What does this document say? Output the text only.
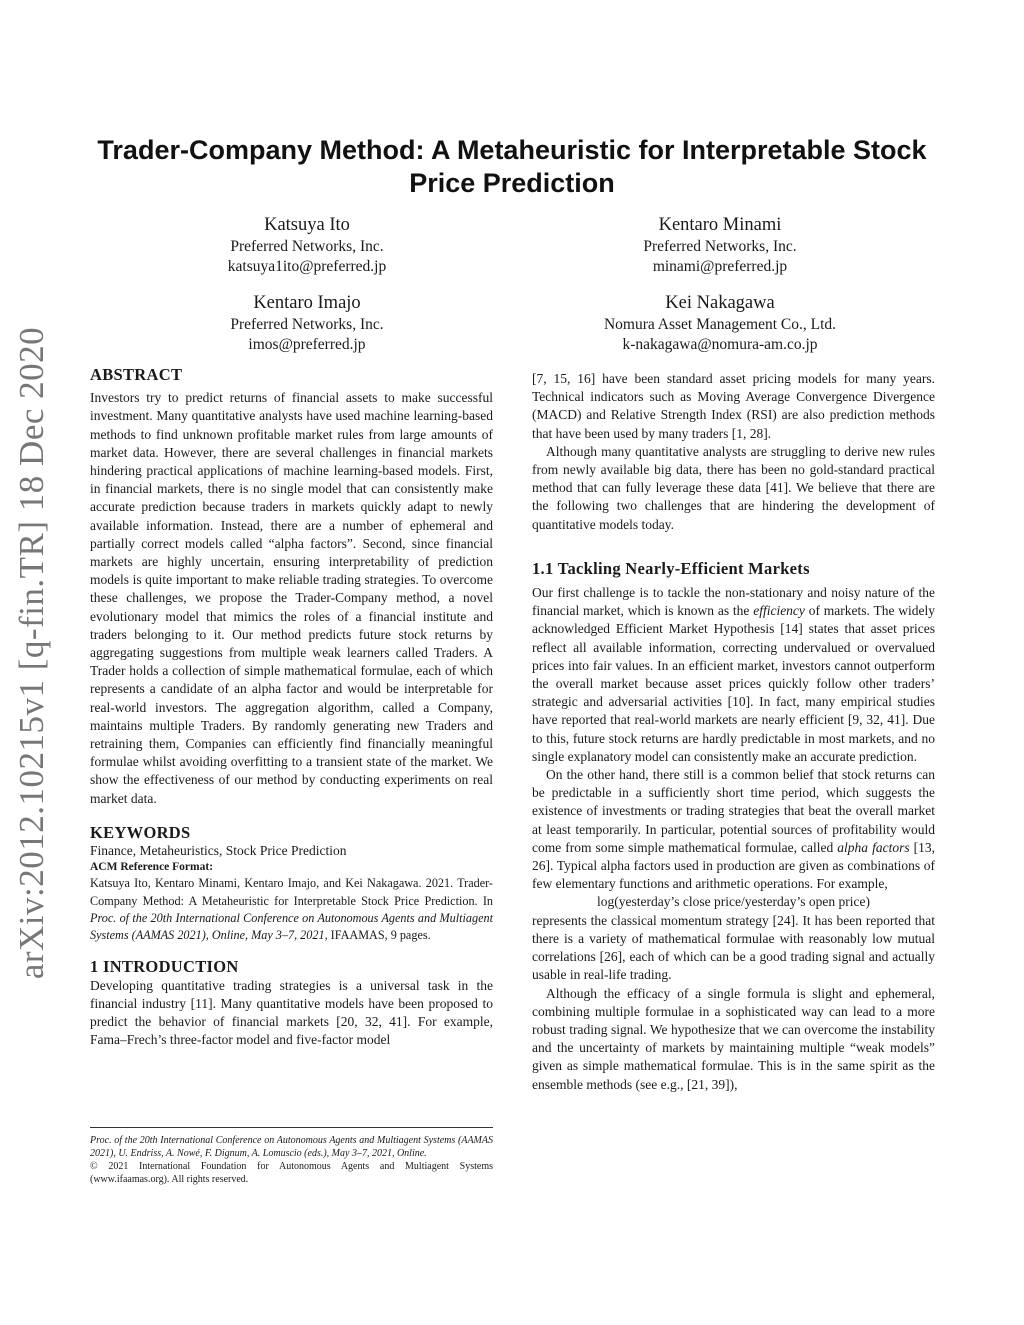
arXiv:2012.10215v1 [q-fin.TR] 18 Dec 2020
Trader-Company Method: A Metaheuristic for Interpretable Stock Price Prediction
Katsuya Ito
Preferred Networks, Inc.
katsuya1ito@preferred.jp
Kentaro Minami
Preferred Networks, Inc.
minami@preferred.jp
Kentaro Imajo
Preferred Networks, Inc.
imos@preferred.jp
Kei Nakagawa
Nomura Asset Management Co., Ltd.
k-nakagawa@nomura-am.co.jp
ABSTRACT

Investors try to predict returns of financial assets to make successful investment. Many quantitative analysts have used machine learning-based methods to find unknown profitable market rules from large amounts of market data. However, there are several challenges in financial markets hindering practical applications of machine learning-based models. First, in financial markets, there is no single model that can consistently make accurate prediction because traders in markets quickly adapt to newly available information. Instead, there are a number of ephemeral and partially correct models called “alpha factors”. Second, since financial markets are highly uncertain, ensuring interpretability of prediction models is quite important to make reliable trading strategies. To overcome these challenges, we propose the Trader-Company method, a novel evolutionary model that mimics the roles of a financial institute and traders belonging to it. Our method predicts future stock returns by aggregating suggestions from multiple weak learners called Traders. A Trader holds a collection of simple mathematical formulae, each of which represents a candidate of an alpha factor and would be interpretable for real-world investors. The aggregation algorithm, called a Company, maintains multiple Traders. By randomly generating new Traders and retraining them, Companies can efficiently find financially meaningful formulae whilst avoiding overfitting to a transient state of the market. We show the effectiveness of our method by conducting experiments on real market data.

KEYWORDS

Finance, Metaheuristics, Stock Price Prediction

ACM Reference Format:

Katsuya Ito, Kentaro Minami, Kentaro Imajo, and Kei Nakagawa. 2021. Trader-Company Method: A Metaheuristic for Interpretable Stock Price Prediction. In Proc. of the 20th International Conference on Autonomous Agents and Multiagent Systems (AAMAS 2021), Online, May 3–7, 2021, IFAAMAS, 9 pages.

1 INTRODUCTION

Developing quantitative trading strategies is a universal task in the financial industry [11]. Many quantitative models have been proposed to predict the behavior of financial markets [20, 32, 41]. For example, Fama–Frech’s three-factor model and five-factor model

Proc. of the 20th International Conference on Autonomous Agents and Multiagent Systems (AAMAS 2021), U. Endriss, A. Nowé, F. Dignum, A. Lomuscio (eds.), May 3–7, 2021, Online.

© 2021 International Foundation for Autonomous Agents and Multiagent Systems (www.ifaamas.org). All rights reserved.

[7, 15, 16] have been standard asset pricing models for many years. Technical indicators such as Moving Average Convergence Divergence (MACD) and Relative Strength Index (RSI) are also prediction methods that have been used by many traders [1, 28].

Although many quantitative analysts are struggling to derive new rules from newly available big data, there has been no gold-standard practical method that can fully leverage these data [41]. We believe that there are the following two challenges that are hindering the development of quantitative models today.

1.1 Tackling Nearly-Efficient Markets

Our first challenge is to tackle the non-stationary and noisy nature of the financial market, which is known as the efficiency of markets. The widely acknowledged Efficient Market Hypothesis [14] states that asset prices reflect all available information, correcting undervalued or overvalued prices into fair values. In an efficient market, investors cannot outperform the overall market because asset prices quickly follow other traders’ strategic and adversarial activities [10]. In fact, many empirical studies have reported that real-world markets are nearly efficient [9, 32, 41]. Due to this, future stock returns are hardly predictable in most markets, and no single explanatory model can consistently make an accurate prediction.

On the other hand, there still is a common belief that stock returns can be predictable in a sufficiently short time period, which suggests the existence of investments or trading strategies that beat the overall market at least temporarily. In particular, potential sources of profitability would come from some simple mathematical formulae, called alpha factors [13, 26]. Typical alpha factors used in production are given as combinations of few elementary functions and arithmetic operations. For example,

log(yesterday’s close price/yesterday’s open price)

represents the classical momentum strategy [24]. It has been reported that there is a variety of mathematical formulae with reasonably low mutual correlations [26], each of which can be a good trading signal and actually usable in real-life trading.

Although the efficacy of a single formula is slight and ephemeral, combining multiple formulae in a sophisticated way can lead to a more robust trading signal. We hypothesize that we can overcome the instability and the uncertainty of markets by maintaining multiple “weak models” given as simple mathematical formulae. This is in the same spirit as the ensemble methods (see e.g., [21, 39]),
